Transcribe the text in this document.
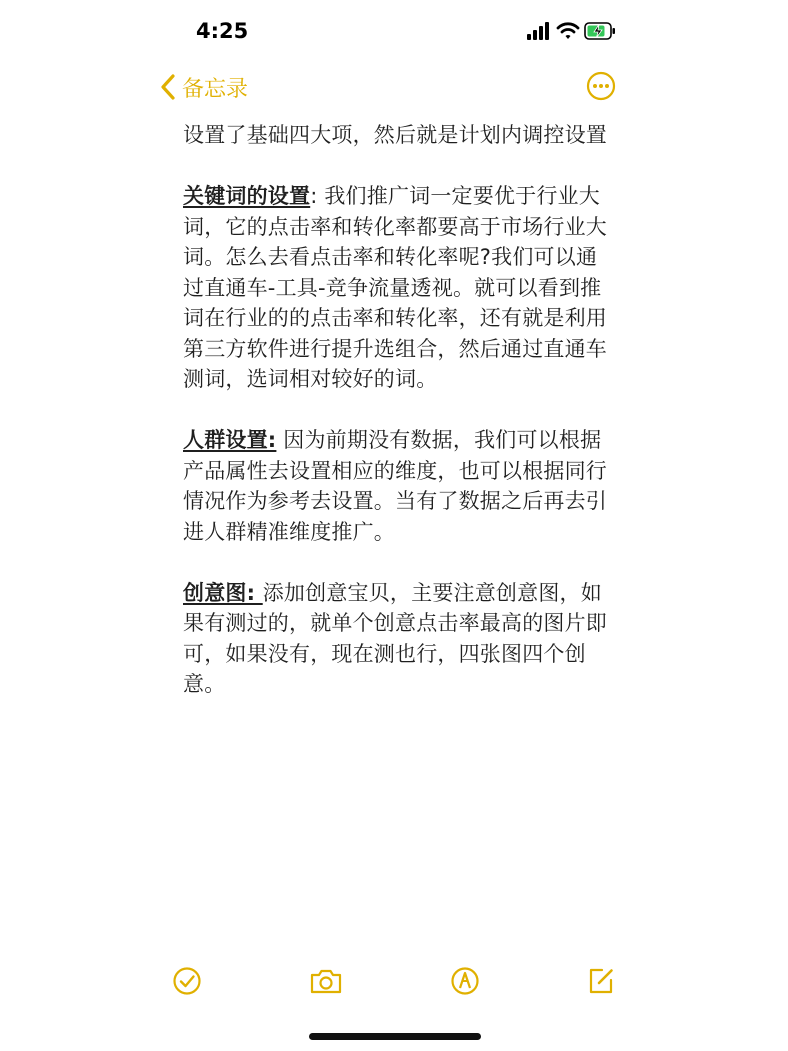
4:25
备忘录

设置了基础四大项，然后就是计划内调控设置

关键词的设置: 我们推广词一定要优于行业大词，它的点击率和转化率都要高于市场行业大词。怎么去看点击率和转化率呢?我们可以通过直通车-工具-竞争流量透视。就可以看到推词在行业的的点击率和转化率，还有就是利用第三方软件进行提升选组合，然后通过直通车测词，选词相对较好的词。

人群设置: 因为前期没有数据，我们可以根据产品属性去设置相应的维度，也可以根据同行情况作为参考去设置。当有了数据之后再去引进人群精准维度推广。

创意图: 添加创意宝贝，主要注意创意图，如果有测过的，就单个创意点击率最高的图片即可，如果没有，现在测也行，四张图四个创意。
